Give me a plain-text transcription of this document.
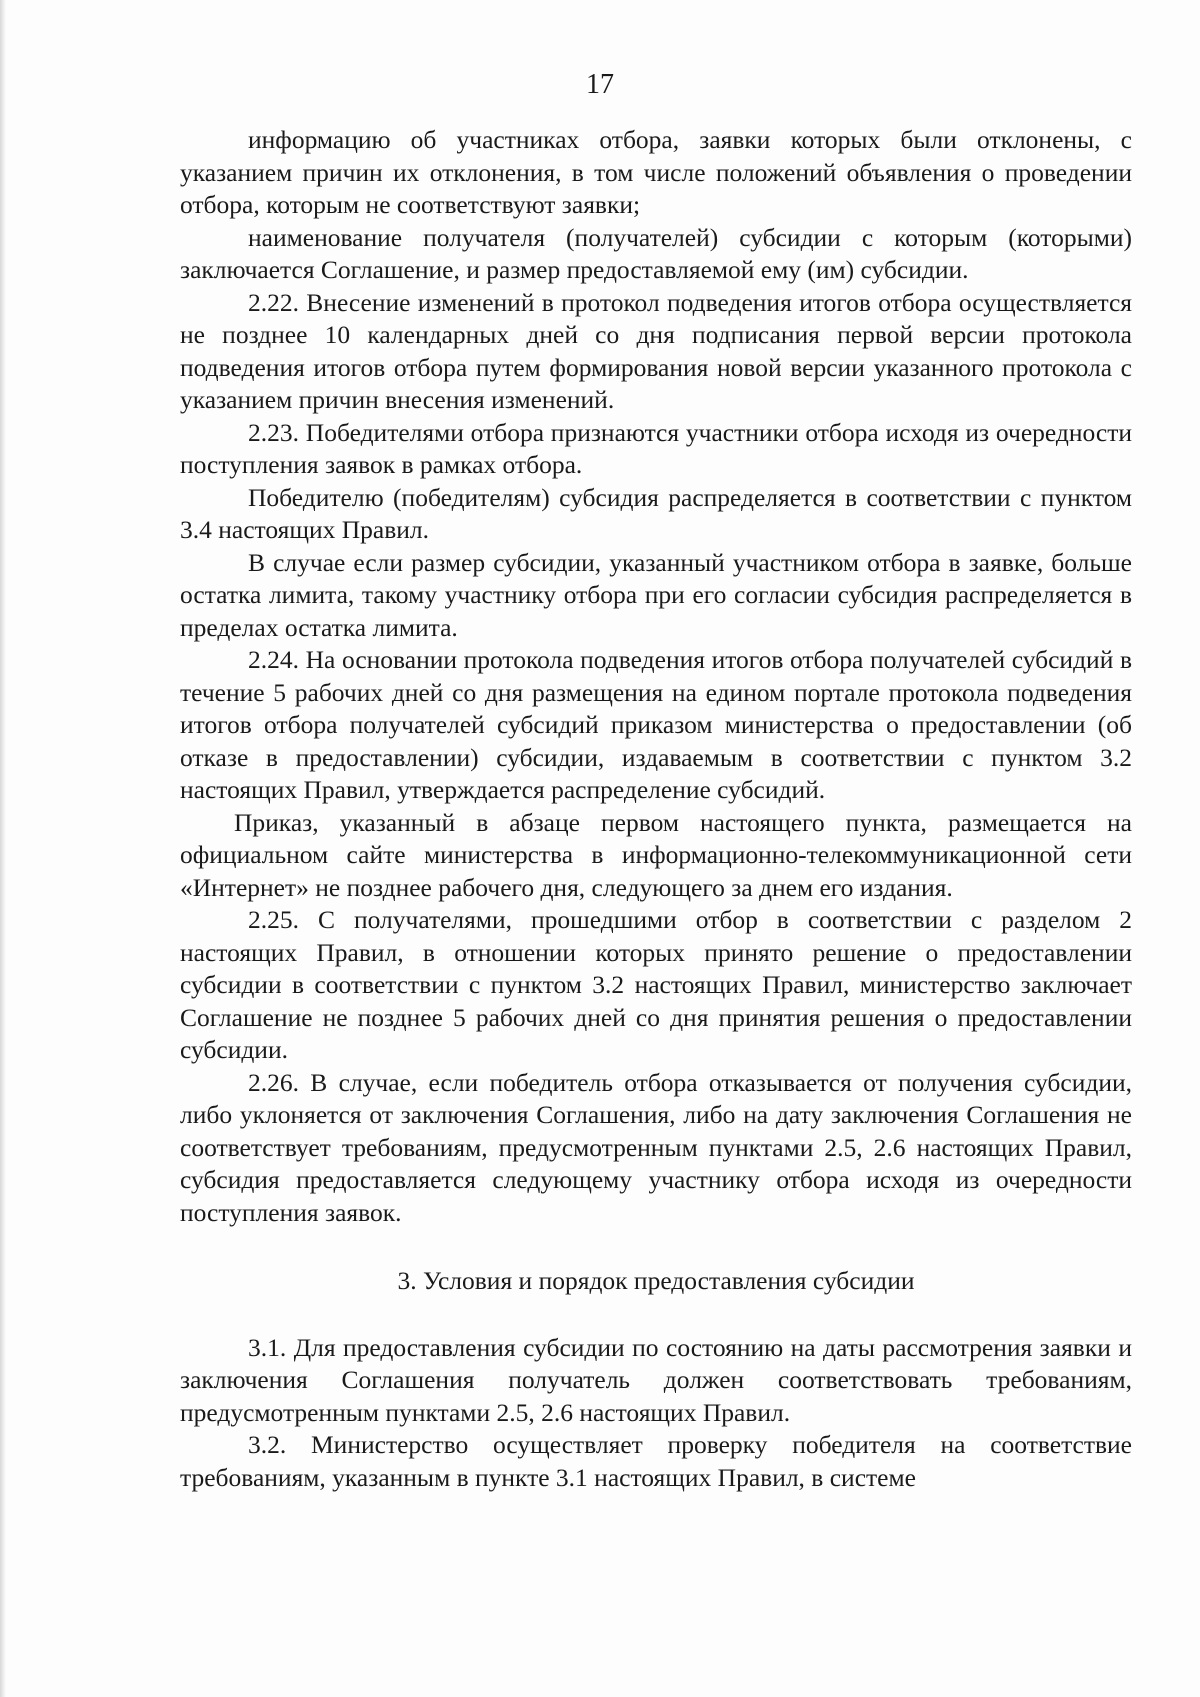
17

информацию об участниках отбора, заявки которых были отклонены, с указанием причин их отклонения, в том числе положений объявления о проведении отбора, которым не соответствуют заявки;

наименование получателя (получателей) субсидии с которым (которыми) заключается Соглашение, и размер предоставляемой ему (им) субсидии.

2.22. Внесение изменений в протокол подведения итогов отбора осуществляется не позднее 10 календарных дней со дня подписания первой версии протокола подведения итогов отбора путем формирования новой версии указанного протокола с указанием причин внесения изменений.

2.23. Победителями отбора признаются участники отбора исходя из очередности поступления заявок в рамках отбора.

Победителю (победителям) субсидия распределяется в соответствии с пунктом 3.4 настоящих Правил.

В случае если размер субсидии, указанный участником отбора в заявке, больше остатка лимита, такому участнику отбора при его согласии субсидия распределяется в пределах остатка лимита.

2.24. На основании протокола подведения итогов отбора получателей субсидий в течение 5 рабочих дней со дня размещения на едином портале протокола подведения итогов отбора получателей субсидий приказом министерства о предоставлении (об отказе в предоставлении) субсидии, издаваемым в соответствии с пунктом 3.2 настоящих Правил, утверждается распределение субсидий.

Приказ, указанный в абзаце первом настоящего пункта, размещается на официальном сайте министерства в информационно-телекоммуникационной сети «Интернет» не позднее рабочего дня, следующего за днем его издания.

2.25. С получателями, прошедшими отбор в соответствии с разделом 2 настоящих Правил, в отношении которых принято решение о предоставлении субсидии в соответствии с пунктом 3.2 настоящих Правил, министерство заключает Соглашение не позднее 5 рабочих дней со дня принятия решения о предоставлении субсидии.

2.26. В случае, если победитель отбора отказывается от получения субсидии, либо уклоняется от заключения Соглашения, либо на дату заключения Соглашения не соответствует требованиям, предусмотренным пунктами 2.5, 2.6 настоящих Правил, субсидия предоставляется следующему участнику отбора исходя из очередности поступления заявок.

3. Условия и порядок предоставления субсидии

3.1. Для предоставления субсидии по состоянию на даты рассмотрения заявки и заключения Соглашения получатель должен соответствовать требованиям, предусмотренным пунктами 2.5, 2.6 настоящих Правил.

3.2. Министерство осуществляет проверку победителя на соответствие требованиям, указанным в пункте 3.1 настоящих Правил, в системе
